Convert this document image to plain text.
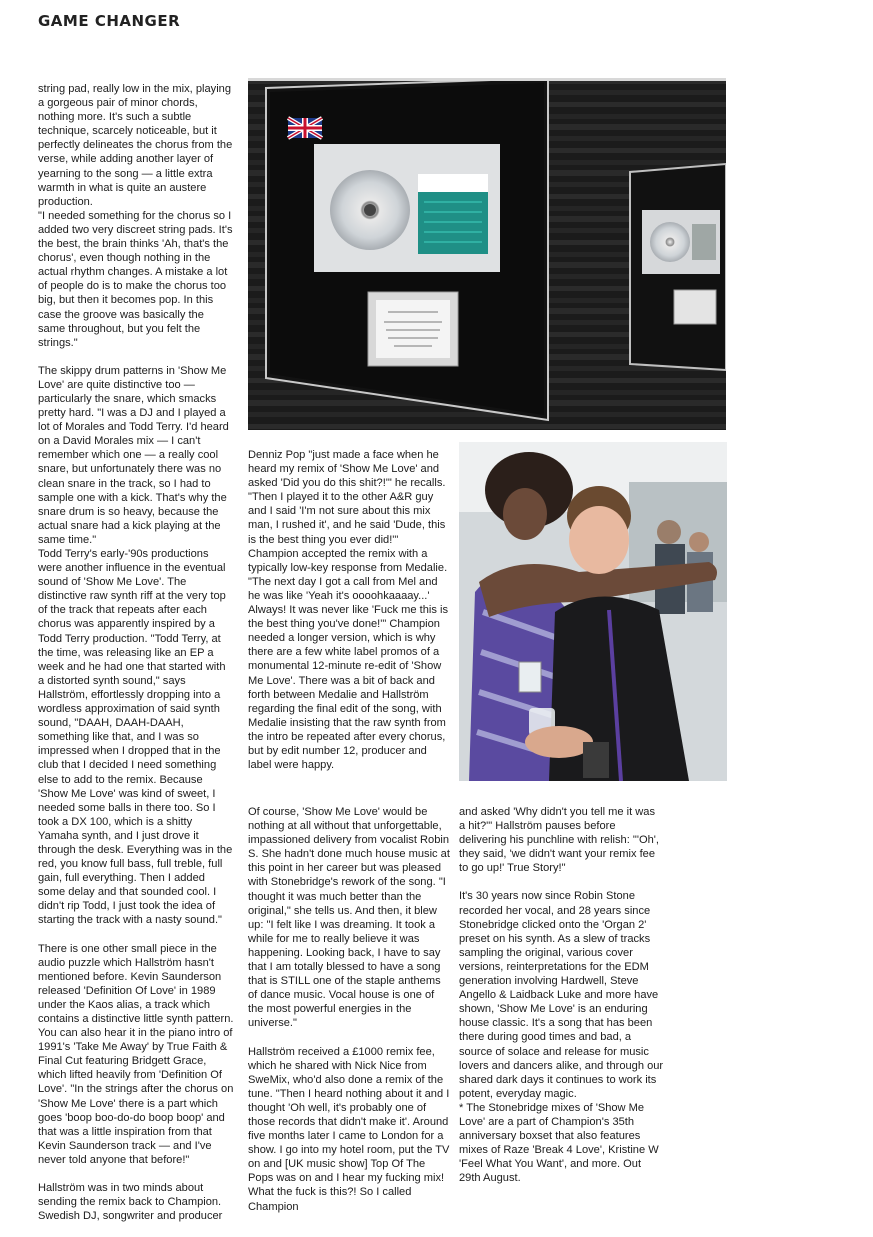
GAME CHANGER

string pad, really low in the mix, playing a gorgeous pair of minor chords, nothing more. It's such a subtle technique, scarcely noticeable, but it perfectly delineates the chorus from the verse, while adding another layer of yearning to the song — a little extra warmth in what is quite an austere production.

"I needed something for the chorus so I added two very discreet string pads. It's the best, the brain thinks 'Ah, that's the chorus', even though nothing in the actual rhythm changes. A mistake a lot of people do is to make the chorus too big, but then it becomes pop. In this case the groove was basically the same throughout, but you felt the strings."

The skippy drum patterns in 'Show Me Love' are quite distinctive too — particularly the snare, which smacks pretty hard. "I was a DJ and I played a lot of Morales and Todd Terry. I'd heard on a David Morales mix — I can't remember which one — a really cool snare, but unfortunately there was no clean snare in the track, so I had to sample one with a kick. That's why the snare drum is so heavy, because the actual snare had a kick playing at the same time."

Todd Terry's early-'90s productions were another influence in the eventual sound of 'Show Me Love'. The distinctive raw synth riff at the very top of the track that repeats after each chorus was apparently inspired by a Todd Terry production. "Todd Terry, at the time, was releasing like an EP a week and he had one that started with a distorted synth sound," says Hallström, effortlessly dropping into a wordless approximation of said synth sound, "DAAH, DAAH-DAAH, something like that, and I was so impressed when I dropped that in the club that I decided I need something else to add to the remix. Because 'Show Me Love' was kind of sweet, I needed some balls in there too. So I took a DX 100, which is a shitty Yamaha synth, and I just drove it through the desk. Everything was in the red, you know full bass, full treble, full gain, full everything. Then I added some delay and that sounded cool. I didn't rip Todd, I just took the idea of starting the track with a nasty sound."

There is one other small piece in the audio puzzle which Hallström hasn't mentioned before. Kevin Saunderson released 'Definition Of Love' in 1989 under the Kaos alias, a track which contains a distinctive little synth pattern. You can also hear it in the piano intro of 1991's 'Take Me Away' by True Faith & Final Cut featuring Bridgett Grace, which lifted heavily from 'Definition Of Love'. "In the strings after the chorus on 'Show Me Love' there is a part which goes 'boop boo-do-do boop boop' and that was a little inspiration from that Kevin Saunderson track — and I've never told anyone that before!"

Hallström was in two minds about sending the remix back to Champion. Swedish DJ, songwriter and producer

Denniz Pop "just made a face when he heard my remix of 'Show Me Love' and asked 'Did you do this shit?!'" he recalls. "Then I played it to the other A&R guy and I said 'I'm not sure about this mix man, I rushed it', and he said 'Dude, this is the best thing you ever did!'" Champion accepted the remix with a typically low-key response from Medalie. "The next day I got a call from Mel and he was like 'Yeah it's oooohkaaaay...' Always! It was never like 'Fuck me this is the best thing you've done!'" Champion needed a longer version, which is why there are a few white label promos of a monumental 12-minute re-edit of 'Show Me Love'. There was a bit of back and forth between Medalie and Hallström regarding the final edit of the song, with Medalie insisting that the raw synth from the intro be repeated after every chorus, but by edit number 12, producer and label were happy.

Of course, 'Show Me Love' would be nothing at all without that unforgettable, impassioned delivery from vocalist Robin S. She hadn't done much house music at this point in her career but was pleased with Stonebridge's rework of the song. "I thought it was much better than the original," she tells us. And then, it blew up: "I felt like I was dreaming. It took a while for me to really believe it was happening. Looking back, I have to say that I am totally blessed to have a song that is STILL one of the staple anthems of dance music. Vocal house is one of the most powerful energies in the universe."

Hallström received a £1000 remix fee, which he shared with Nick Nice from SweMix, who'd also done a remix of the tune. "Then I heard nothing about it and I thought 'Oh well, it's probably one of those records that didn't make it'. Around five months later I came to London for a show. I go into my hotel room, put the TV on and [UK music show] Top Of The Pops was on and I hear my fucking mix! What the fuck is this?! So I called Champion

and asked 'Why didn't you tell me it was a hit?'" Hallström pauses before delivering his punchline with relish: "'Oh', they said, 'we didn't want your remix fee to go up!' True Story!"

It's 30 years now since Robin Stone recorded her vocal, and 28 years since Stonebridge clicked onto the 'Organ 2' preset on his synth. As a slew of tracks sampling the original, various cover versions, reinterpretations for the EDM generation involving Hardwell, Steve Angello & Laidback Luke and more have shown, 'Show Me Love' is an enduring house classic. It's a song that has been there during good times and bad, a source of solace and release for music lovers and dancers alike, and through our shared dark days it continues to work its potent, everyday magic.

* The Stonebridge mixes of 'Show Me Love' are a part of Champion's 35th anniversary boxset that also features mixes of Raze 'Break 4 Love', Kristine W 'Feel What You Want', and more. Out 29th August.
